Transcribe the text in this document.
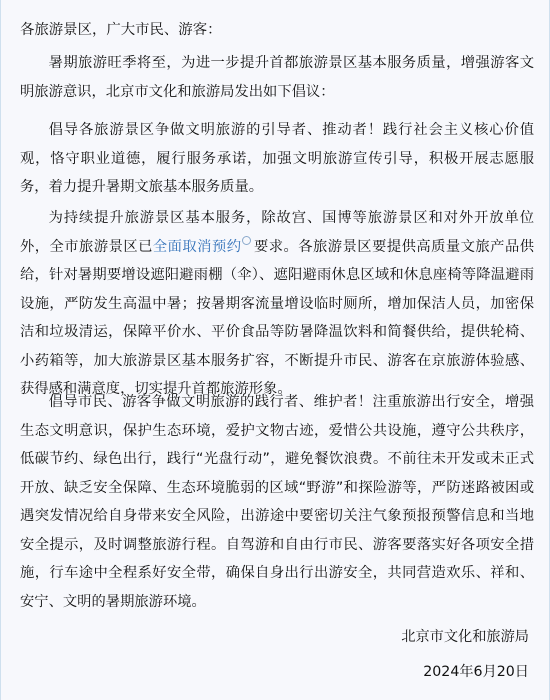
各旅游景区，广大市民、游客：

暑期旅游旺季将至，为进一步提升首都旅游景区基本服务质量，增强游客文明旅游意识，北京市文化和旅游局发出如下倡议：

倡导各旅游景区争做文明旅游的引导者、推动者！践行社会主义核心价值观，恪守职业道德，履行服务承诺，加强文明旅游宣传引导，积极开展志愿服务，着力提升暑期文旅基本服务质量。

为持续提升旅游景区基本服务，除故宫、国博等旅游景区和对外开放单位外，全市旅游景区已全面取消预约 要求。各旅游景区要提供高质量文旅产品供给，针对暑期要增设遮阳避雨棚（伞）、遮阳避雨休息区域和休息座椅等降温避雨设施，严防发生高温中暑；按暑期客流量增设临时厕所，增加保洁人员，加密保洁和垃圾清运，保障平价水、平价食品等防暑降温饮料和简餐供给，提供轮椅、小药箱等，加大旅游景区基本服务扩容，不断提升市民、游客在京旅游体验感、获得感和满意度，切实提升首都旅游形象。

倡导市民、游客争做文明旅游的践行者、维护者！注重旅游出行安全，增强生态文明意识，保护生态环境，爱护文物古迹，爱惜公共设施，遵守公共秩序，低碳节约、绿色出行，践行“光盘行动”，避免餐饮浪费。不前往未开发或未正式开放、缺乏安全保障、生态环境脆弱的区域“野游”和探险游等，严防迷路被困或遇突发情况给自身带来安全风险，出游途中要密切关注气象预报预警信息和当地安全提示，及时调整旅游行程。自驾游和自由行市民、游客要落实好各项安全措施，行车途中全程系好安全带，确保自身出行出游安全，共同营造欢乐、祥和、安宁、文明的暑期旅游环境。

北京市文化和旅游局

2024年6月20日
